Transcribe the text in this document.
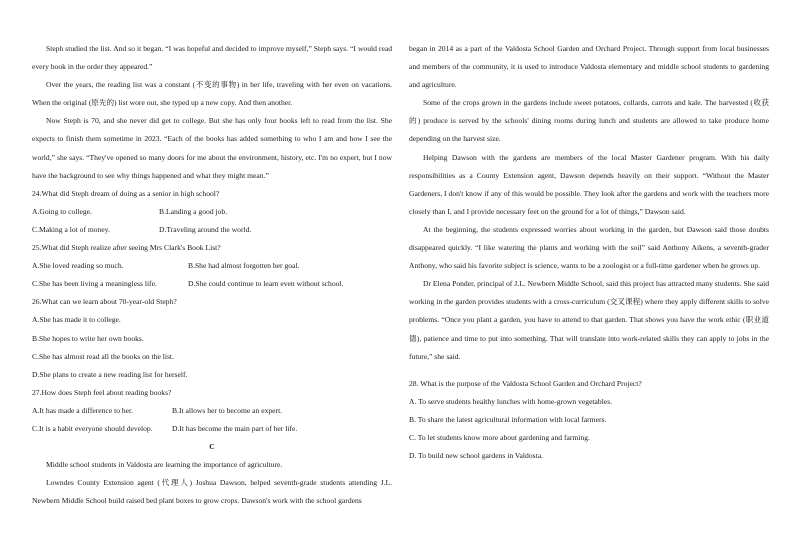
Steph studied the list. And so it began. “I was hopeful and decided to improve myself,” Steph says. “I would read every book in the order they appeared.”

Over the years, the reading list was a constant (不变的事物) in her life, traveling with her even on vacations. When the original (原先的) list wore out, she typed up a new copy. And then another.

Now Steph is 70, and she never did get to college. But she has only four books left to read from the list. She expects to finish them sometime in 2023. “Each of the books has added something to who I am and how I see the world,” she says. “They've opened so many doors for me about the environment, history, etc. I'm no expert, but I now have the background to see why things happened and what they might mean.”

24.What did Steph dream of doing as a senior in high school?

A.Going to college.	B.Landing a good job.
C.Making a lot of money.	D.Traveling around the world.

25.What did Steph realize after seeing Mrs Clark's Book List?

A.She loved reading so much.	B.She had almost forgotten her goal.
C.She has been living a meaningless life.	D.She could continue to learn even without school.

26.What can we learn about 70-year-old Steph?

A.She has made it to college.

B.She hopes to write her own books.

C.She has almost read all the books on the list.

D.She plans to create a new reading list for herself.

27.How does Steph feel about reading books?

A.It has made a difference to her.	B.It allows her to become an expert.
C.It is a habit everyone should develop.	D.It has become the main part of her life.

C

Middle school students in Valdosta are learning the importance of agriculture.

Lowndes County Extension agent (代理人) Joshua Dawson, helped seventh-grade students attending J.L. Newbern Middle School build raised bed plant boxes to grow crops. Dawson's work with the school gardens

began in 2014 as a part of the Valdosta School Garden and Orchard Project. Through support from local businesses and members of the community, it is used to introduce Valdosta elementary and middle school students to gardening and agriculture.

Some of the crops grown in the gardens include sweet potatoes, collards, carrots and kale. The harvested (收获的) produce is served by the schools' dining rooms during lunch and students are allowed to take produce home depending on the harvest size.

Helping Dawson with the gardens are members of the local Master Gardener program. With his daily responsibilities as a County Extension agent, Dawson depends heavily on their support. “Without the Master Gardeners, I don't know if any of this would be possible. They look after the gardens and work with the teachers more closely than I, and I provide necessary feet on the ground for a lot of things,” Dawson said.

At the beginning, the students expressed worries about working in the garden, but Dawson said those doubts disappeared quickly. “I like watering the plants and working with the soil” said Anthony Aikens, a seventh-grader Anthony, who said his favorite subject is science, wants to be a zoologist or a full-time gardener when he grows up.

Dr Elena Ponder, principal of J.L. Newbern Middle School, said this project has attracted many students. She said working in the garden provides students with a cross-curriculum (交叉课程) where they apply different skills to solve problems. “Once you plant a garden, you have to attend to that garden. That shows you have the work ethic (职业道德), patience and time to put into something. That will translate into work-related skills they can apply to jobs in the future,” she said.

28. What is the purpose of the Valdosta School Garden and Orchard Project?

A. To serve students healthy lunches with home-grown vegetables.

B. To share the latest agricultural information with local farmers.

C. To let students know more about gardening and farming.

D. To build new school gardens in Valdosta.
